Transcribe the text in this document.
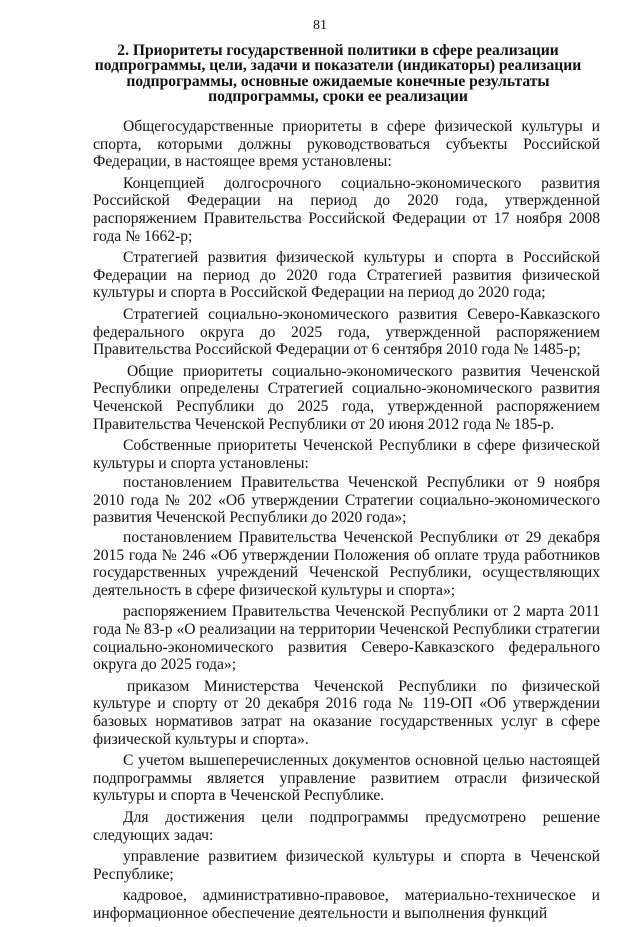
81
2. Приоритеты государственной политики в сфере реализации подпрограммы, цели, задачи и показатели (индикаторы) реализации подпрограммы, основные ожидаемые конечные результаты подпрограммы, сроки ее реализации

Общегосударственные приоритеты в сфере физической культуры и спорта, которыми должны руководствоваться субъекты Российской Федерации, в настоящее время установлены:

Концепцией долгосрочного социально-экономического развития Российской Федерации на период до 2020 года, утвержденной распоряжением Правительства Российской Федерации от 17 ноября 2008 года № 1662-р;

Стратегией развития физической культуры и спорта в Российской Федерации на период до 2020 года Стратегией развития физической культуры и спорта в Российской Федерации на период до 2020 года;

Стратегией социально-экономического развития Северо-Кавказского федерального округа до 2025 года, утвержденной распоряжением Правительства Российской Федерации от 6 сентября 2010 года № 1485-р;

Общие приоритеты социально-экономического развития Чеченской Республики определены Стратегией социально-экономического развития Чеченской Республики до 2025 года, утвержденной распоряжением Правительства Чеченской Республики от 20 июня 2012 года № 185-р.

Собственные приоритеты Чеченской Республики в сфере физической культуры и спорта установлены:

постановлением Правительства Чеченской Республики от 9 ноября 2010 года № 202 «Об утверждении Стратегии социально-экономического развития Чеченской Республики до 2020 года»;

постановлением Правительства Чеченской Республики от 29 декабря 2015 года № 246 «Об утверждении Положения об оплате труда работников государственных учреждений Чеченской Республики, осуществляющих деятельность в сфере физической культуры и спорта»;

распоряжением Правительства Чеченской Республики от 2 марта 2011 года № 83-р «О реализации на территории Чеченской Республики стратегии социально-экономического развития Северо-Кавказского федерального округа до 2025 года»;

приказом Министерства Чеченской Республики по физической культуре и спорту от 20 декабря 2016 года № 119-ОП «Об утверждении базовых нормативов затрат на оказание государственных услуг в сфере физической культуры и спорта».

С учетом вышеперечисленных документов основной целью настоящей подпрограммы является управление развитием отрасли физической культуры и спорта в Чеченской Республике.

Для достижения цели подпрограммы предусмотрено решение следующих задач:

управление развитием физической культуры и спорта в Чеченской Республике;

кадровое, административно-правовое, материально-техническое и информационное обеспечение деятельности и выполнения функций
